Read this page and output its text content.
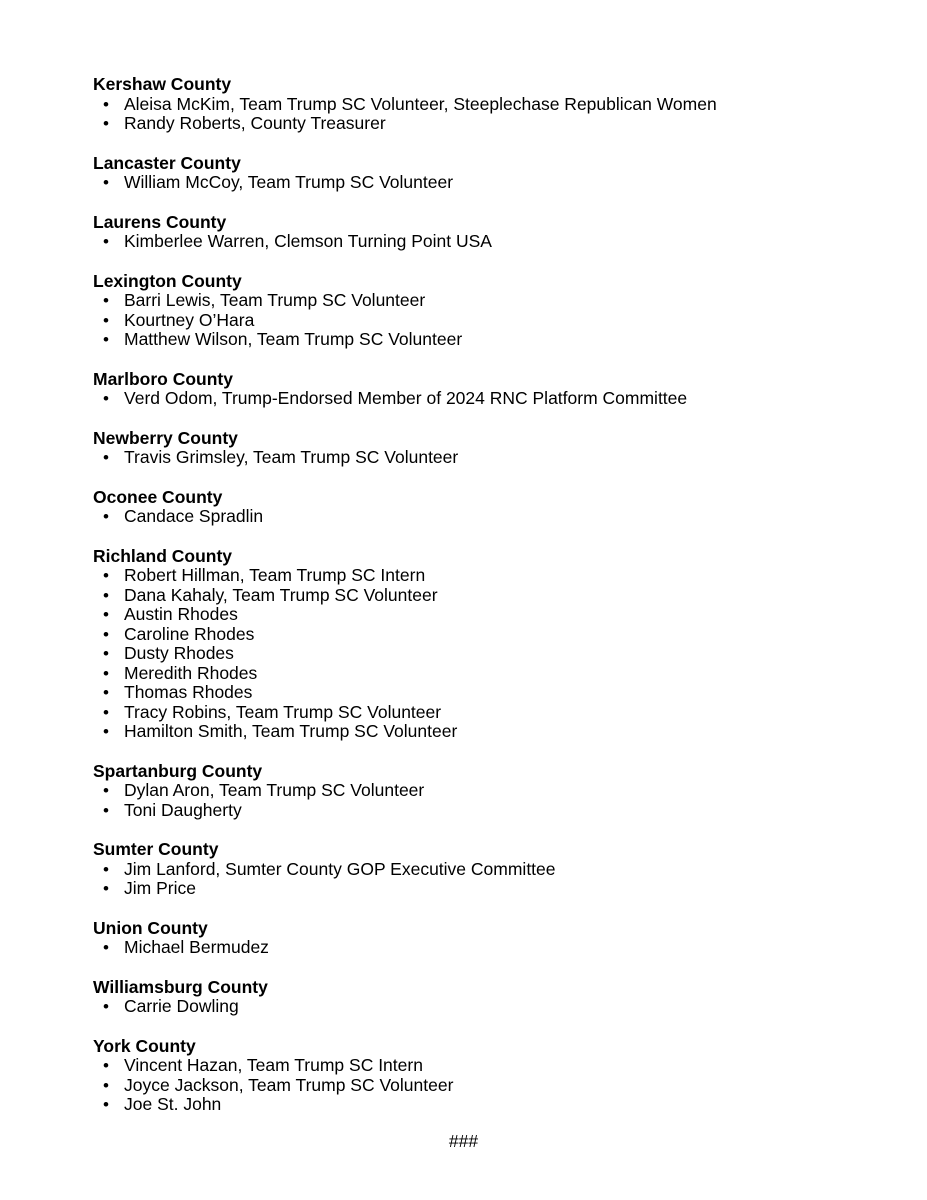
Kershaw County
• Aleisa McKim, Team Trump SC Volunteer, Steeplechase Republican Women
• Randy Roberts, County Treasurer
Lancaster County
• William McCoy, Team Trump SC Volunteer
Laurens County
• Kimberlee Warren, Clemson Turning Point USA
Lexington County
• Barri Lewis, Team Trump SC Volunteer
• Kourtney O’Hara
• Matthew Wilson, Team Trump SC Volunteer
Marlboro County
• Verd Odom, Trump-Endorsed Member of 2024 RNC Platform Committee
Newberry County
• Travis Grimsley, Team Trump SC Volunteer
Oconee County
• Candace Spradlin
Richland County
• Robert Hillman, Team Trump SC Intern
• Dana Kahaly, Team Trump SC Volunteer
• Austin Rhodes
• Caroline Rhodes
• Dusty Rhodes
• Meredith Rhodes
• Thomas Rhodes
• Tracy Robins, Team Trump SC Volunteer
• Hamilton Smith, Team Trump SC Volunteer
Spartanburg County
• Dylan Aron, Team Trump SC Volunteer
• Toni Daugherty
Sumter County
• Jim Lanford, Sumter County GOP Executive Committee
• Jim Price
Union County
• Michael Bermudez
Williamsburg County
• Carrie Dowling
York County
• Vincent Hazan, Team Trump SC Intern
• Joyce Jackson, Team Trump SC Volunteer
• Joe St. John
###
